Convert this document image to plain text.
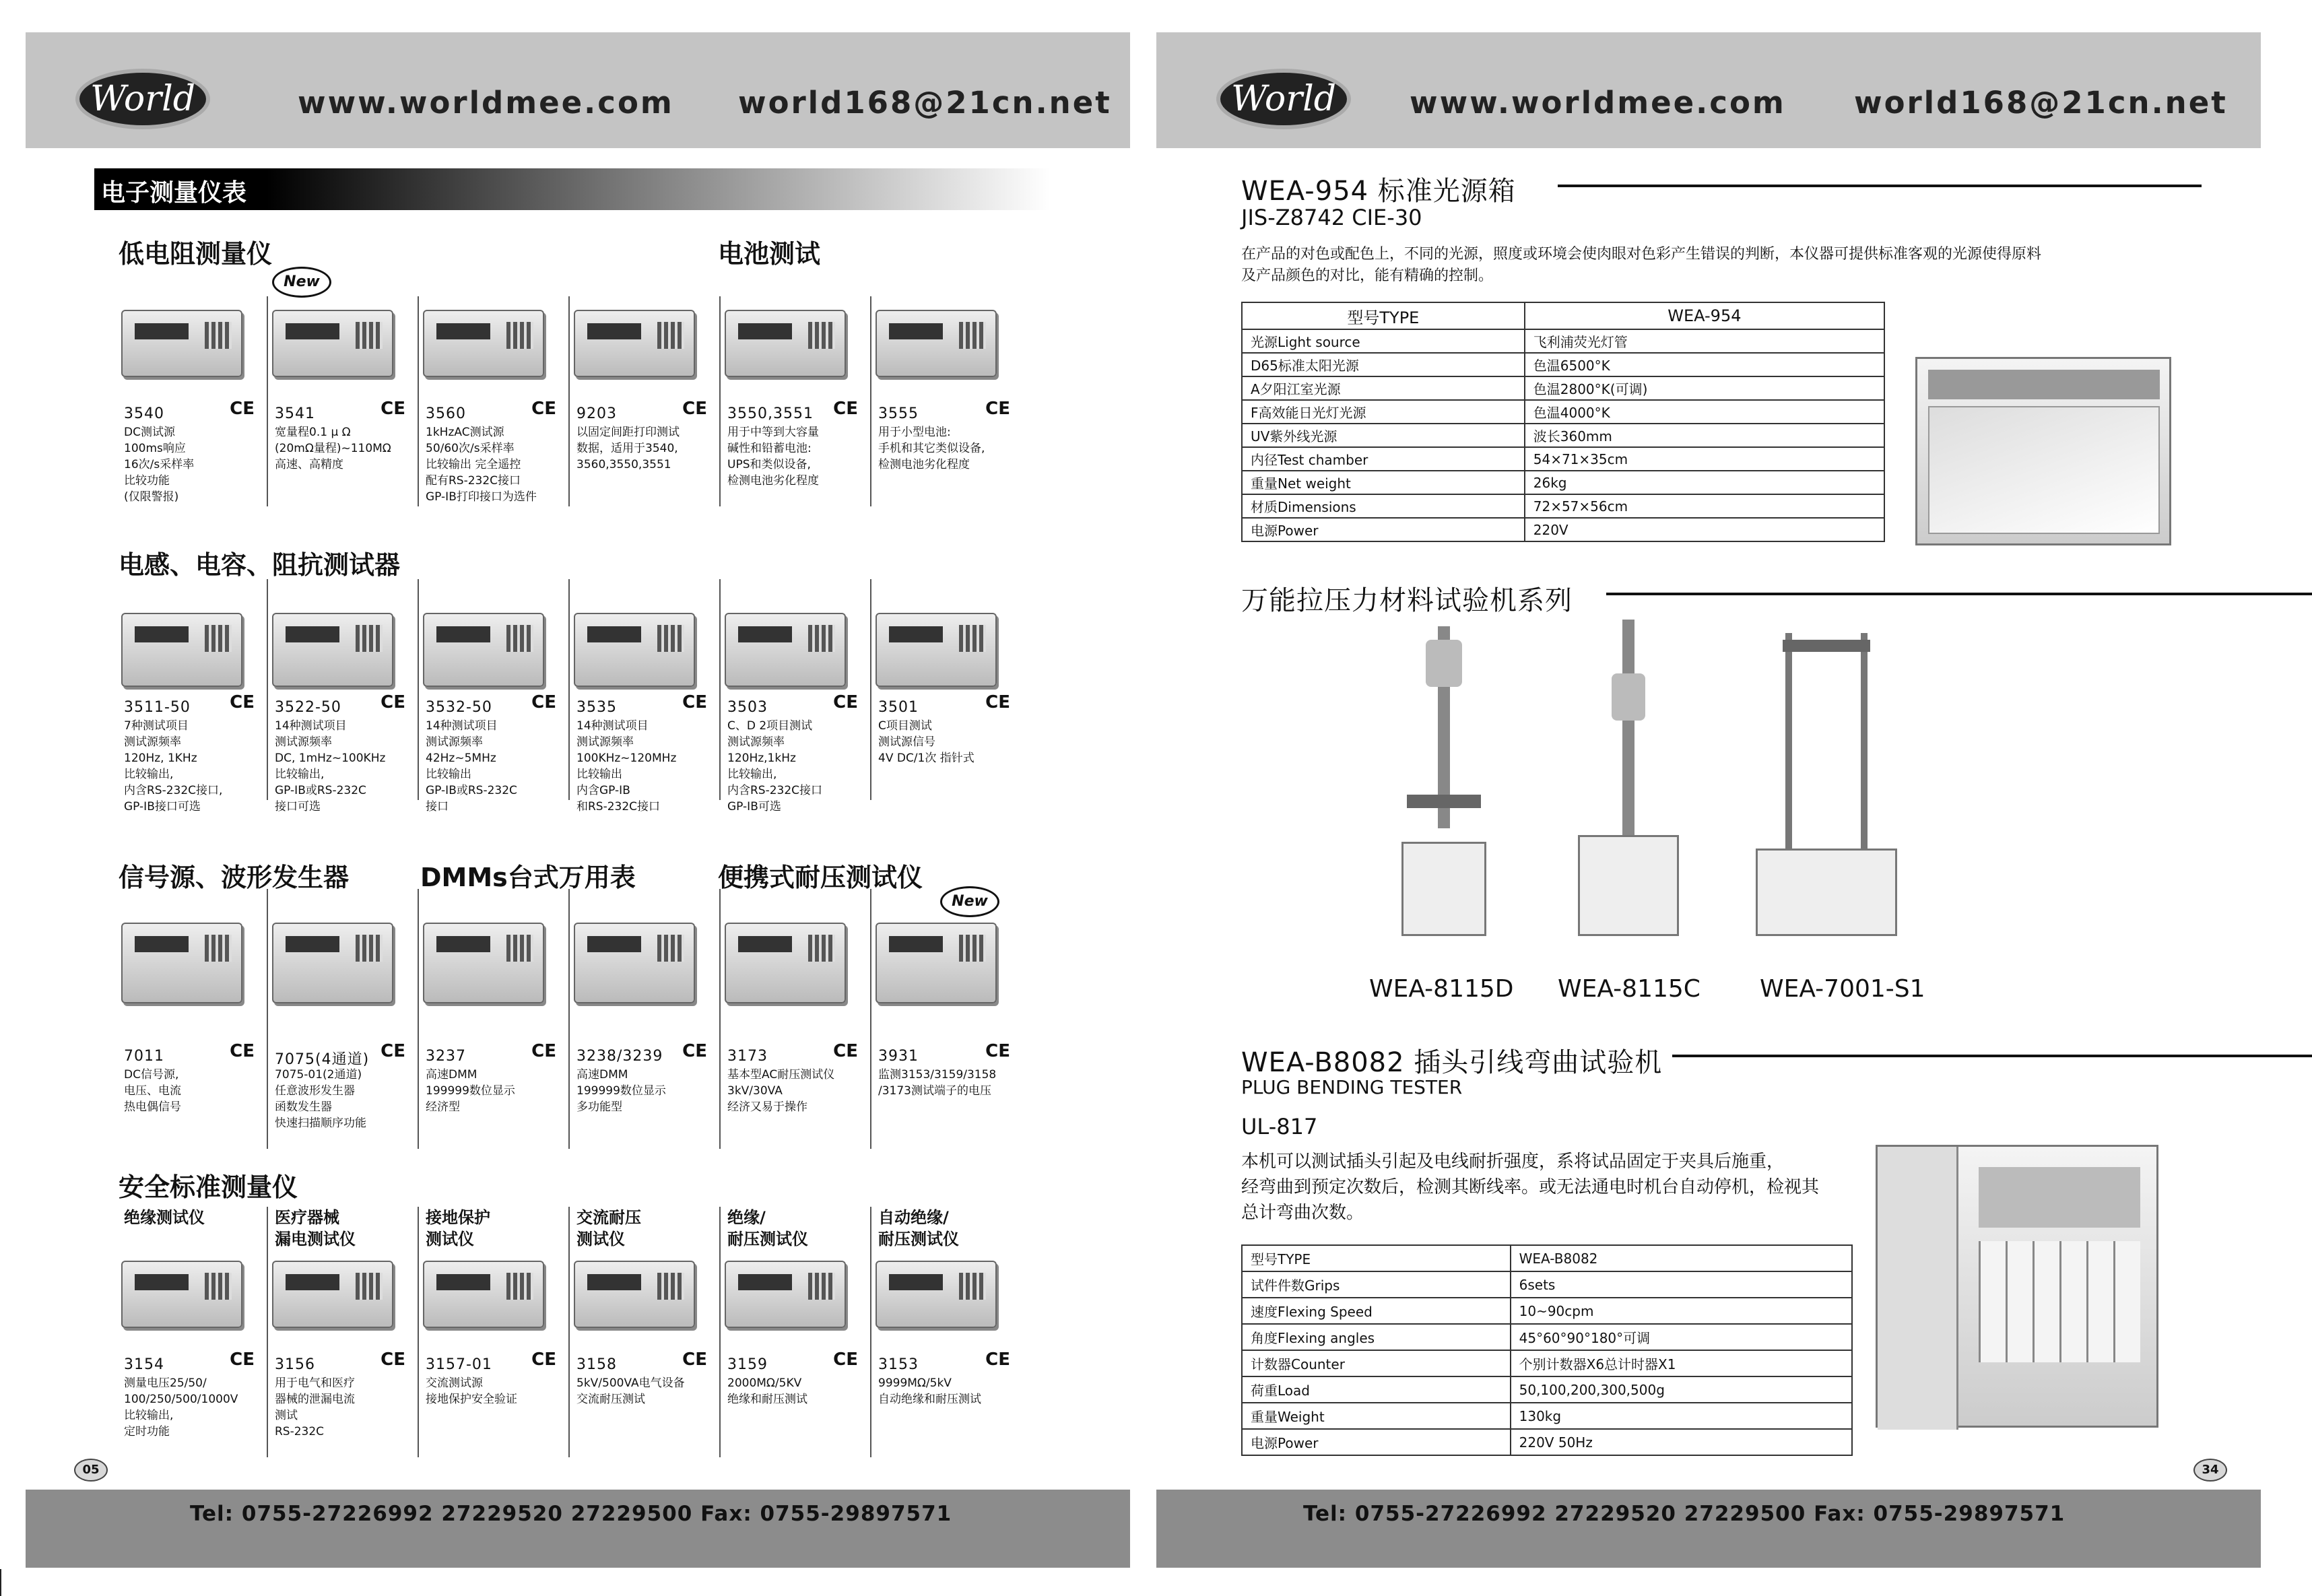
World	www.worldmee.com world168@21cn.net
电子测量仪表
低电阻测量仪	电池测试
New
CE
3540
DC测试源
100ms响应
16次/s采样率
比较功能
(仅限警报)
CE
3541
宽量程0.1 μ Ω
(20mΩ量程)~110MΩ
高速、高精度
CE
3560
1kHzAC测试源
50/60次/s采样率
比较输出 完全遥控
配有RS-232C接口
GP-IB打印接口为选件
CE
9203
以固定间距打印测试
数据，适用于3540,
3560,3550,3551
CE
3550,3551
用于中等到大容量
碱性和铅蓄电池:
UPS和类似设备,
检测电池劣化程度
CE
3555
用于小型电池:
手机和其它类似设备,
检测电池劣化程度
电感、电容、阻抗测试器
CE
3511-50
7种测试项目
测试源频率
120Hz, 1KHz
比较输出,
内含RS-232C接口,
GP-IB接口可选
CE
3522-50
14种测试项目
测试源频率
DC, 1mHz~100KHz
比较输出,
GP-IB或RS-232C
接口可选
CE
3532-50
14种测试项目
测试源频率
42Hz~5MHz
比较输出
GP-IB或RS-232C
接口
CE
3535
14种测试项目
测试源频率
100KHz~120MHz
比较输出
内含GP-IB
和RS-232C接口
CE
3503
C、D 2项目测试
测试源频率
120Hz,1kHz
比较输出,
内含RS-232C接口
GP-IB可选
CE
3501
C项目测试
测试源信号
4V DC/1次 指针式
信号源、波形发生器	DMMs台式万用表	便携式耐压测试仪
New
CE
7011
DC信号源,
电压、电流
热电偶信号
CE
7075(4通道)
7075-01(2通道)
任意波形发生器
函数发生器
快速扫描顺序功能
CE
3237
高速DMM
199999数位显示
经济型
CE
3238/3239
高速DMM
199999数位显示
多功能型
CE
3173
基本型AC耐压测试仪
3kV/30VA
经济又易于操作
CE
3931
监测3153/3159/3158
/3173测试端子的电压
安全标准测量仪
绝缘测试仪
CE
3154
测量电压25/50/
100/250/500/1000V
比较输出,
定时功能
医疗器械
漏电测试仪
CE
3156
用于电气和医疗
器械的泄漏电流
测试
RS-232C
接地保护
测试仪
CE
3157-01
交流测试源
接地保护安全验证
交流耐压
测试仪
CE
3158
5kV/500VA电气设备
交流耐压测试
绝缘/
耐压测试仪
CE
3159
2000MΩ/5KV
绝缘和耐压测试
自动绝缘/
耐压测试仪
CE
3153
9999MΩ/5kV
自动绝缘和耐压测试
05
Tel: 0755-27226992 27229520 27229500 Fax: 0755-29897571
World	www.worldmee.com world168@21cn.net
WEA-954 标准光源箱
JIS-Z8742 CIE-30
在产品的对色或配色上，不同的光源，照度或环境会使肉眼对色彩产生错误的判断，本仪器可提供标准客观的光源使得原料
及产品颜色的对比，能有精确的控制。
型号TYPE	WEA-954
光源Light source	飞利浦荧光灯管
D65标准太阳光源	色温6500°K
A夕阳江室光源	色温2800°K(可调)
F高效能日光灯光源	色温4000°K
UV紫外线光源	波长360mm
内径Test chamber	54×71×35cm
重量Net weight	26kg
材质Dimensions	72×57×56cm
电源Power	220V
万能拉压力材料试验机系列
WEA-8115D WEA-8115C WEA-7001-S1
WEA-B8082 插头引线弯曲试验机
PLUG BENDING TESTER
UL-817
本机可以测试插头引起及电线耐折强度，系将试品固定于夹具后施重，
经弯曲到预定次数后，检测其断线率。或无法通电时机台自动停机，检视其
总计弯曲次数。
型号TYPE	WEA-B8082
试件件数Grips	6sets
速度Flexing Speed	10~90cpm
角度Flexing angles	45°60°90°180°可调
计数器Counter	个别计数器X6总计时器X1
荷重Load	50,100,200,300,500g
重量Weight	130kg
电源Power	220V 50Hz
34
Tel: 0755-27226992 27229520 27229500 Fax: 0755-29897571
